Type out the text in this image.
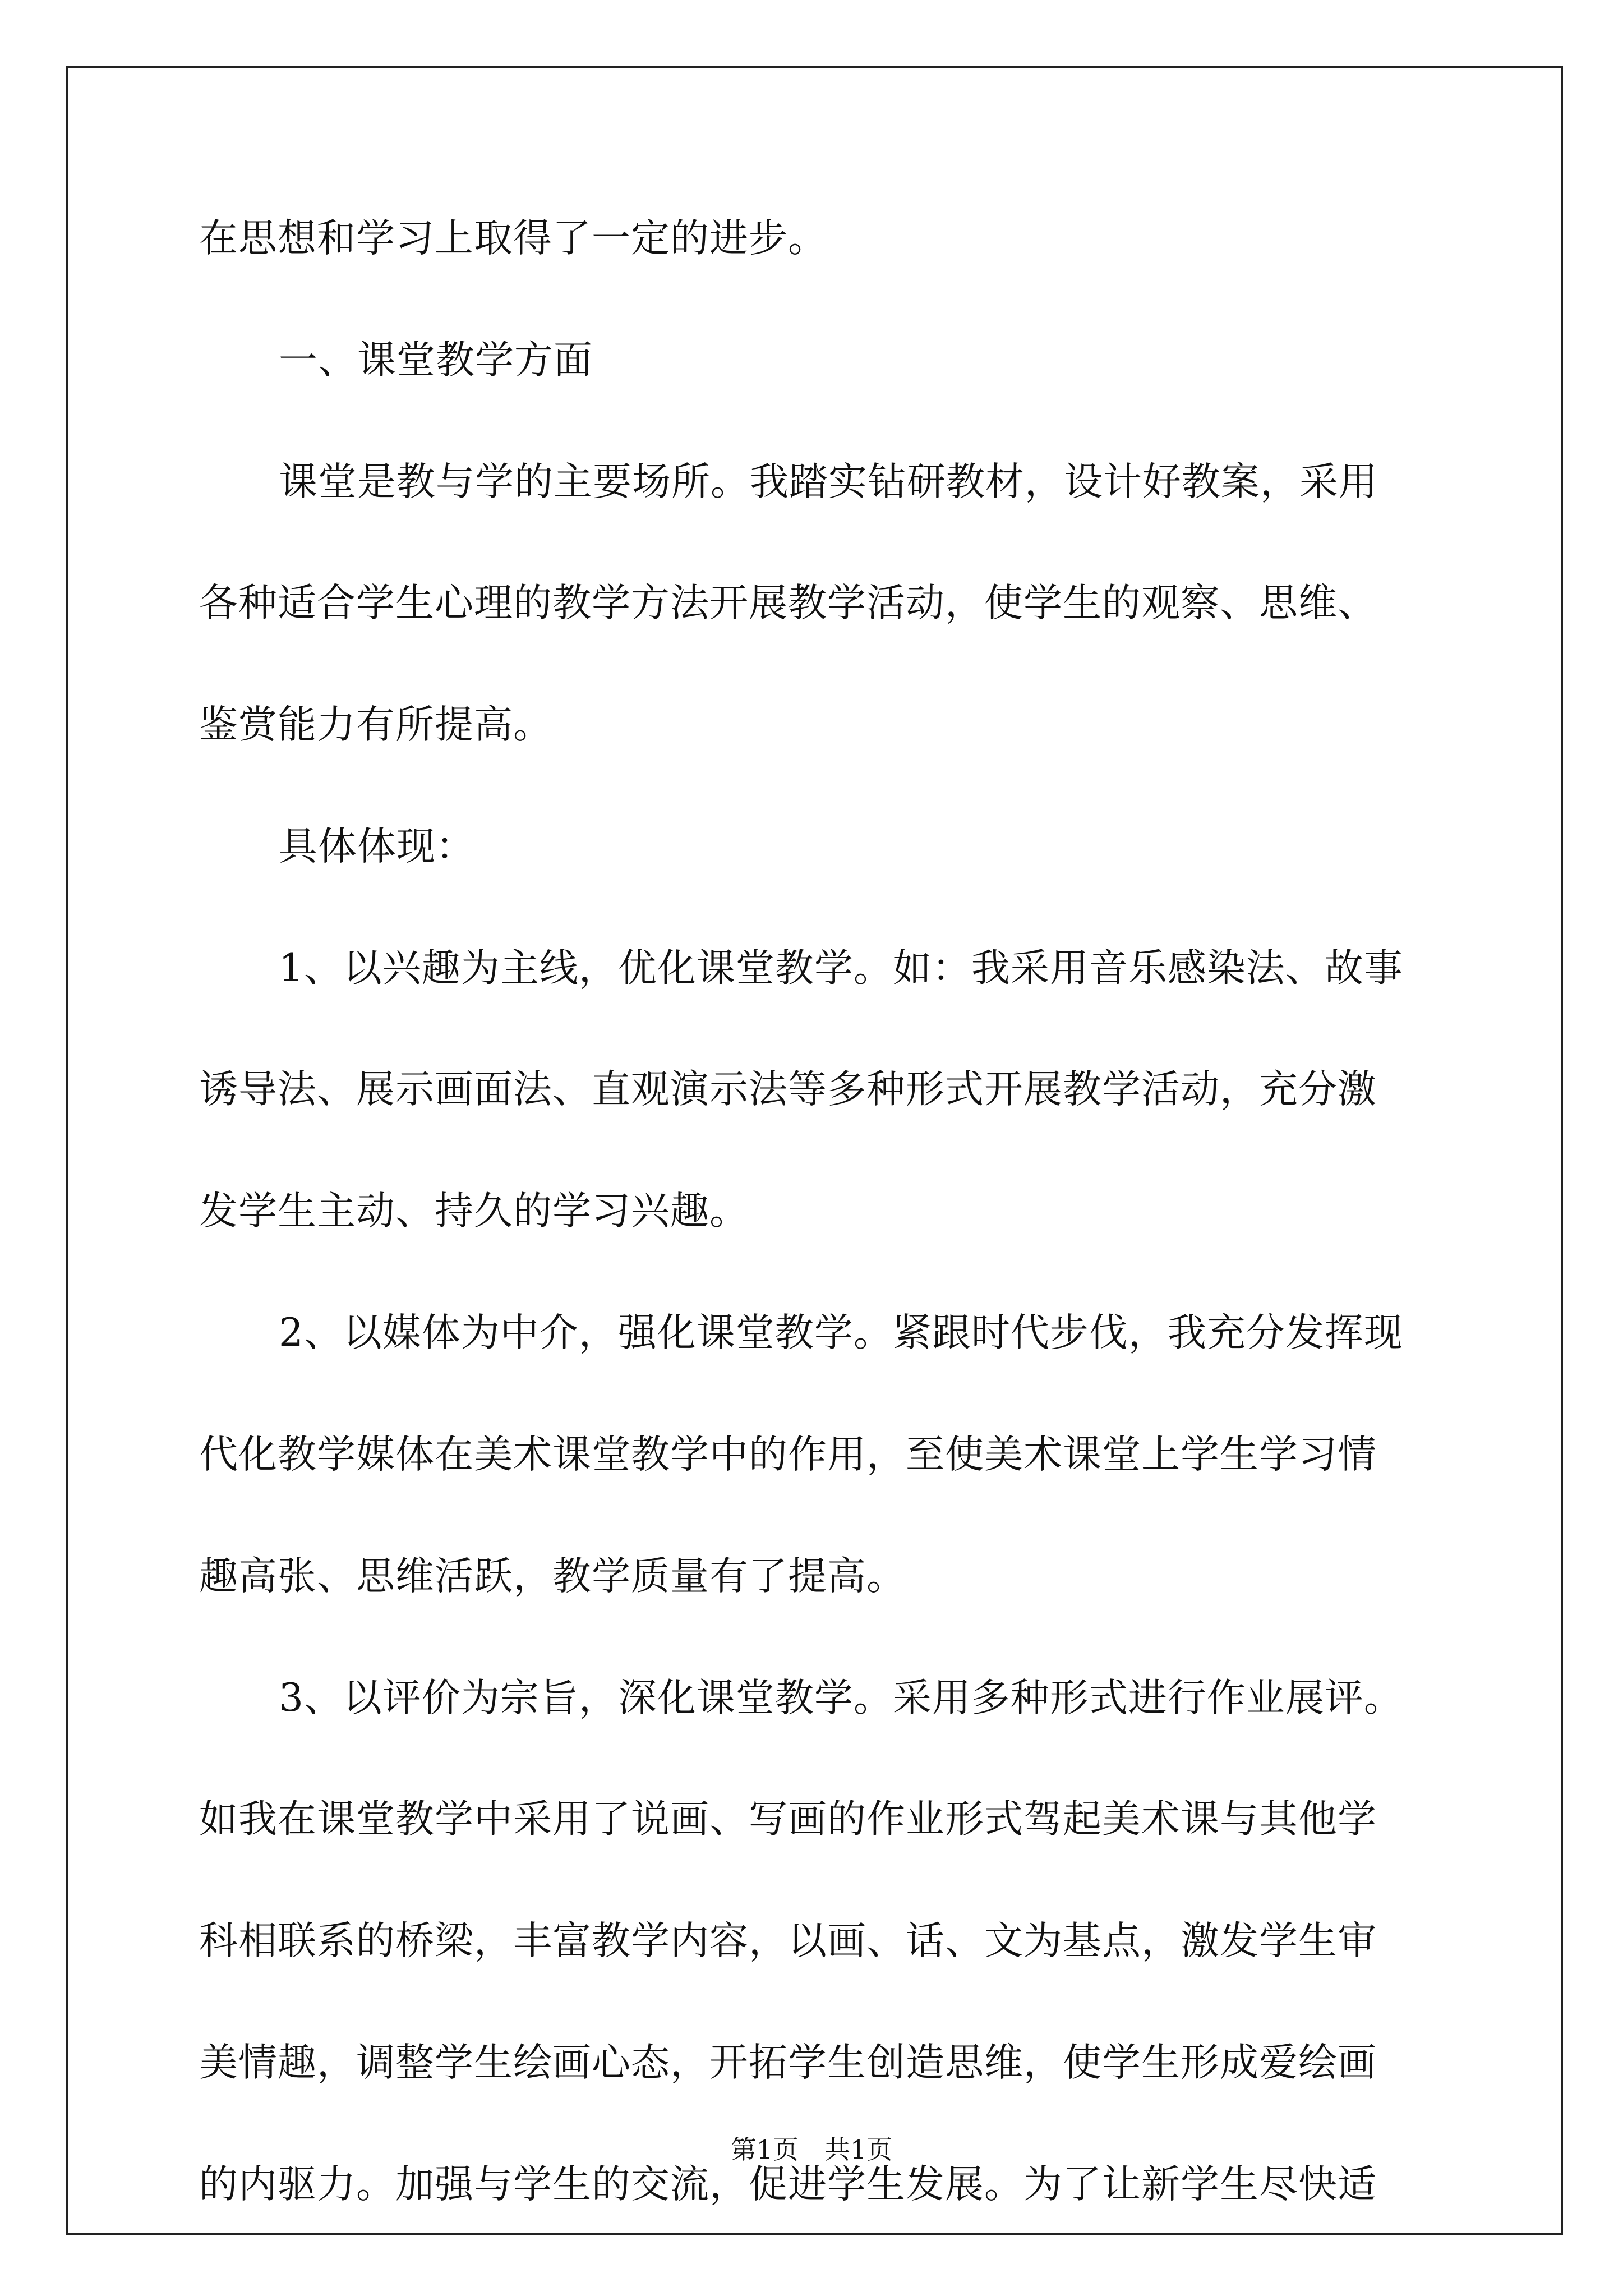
在思想和学习上取得了一定的进步。
一、课堂教学方面
课堂是教与学的主要场所。我踏实钻研教材，设计好教案，采用
各种适合学生心理的教学方法开展教学活动，使学生的观察、思维、
鉴赏能力有所提高。
具体体现：
1、以兴趣为主线，优化课堂教学。如：我采用音乐感染法、故事
诱导法、展示画面法、直观演示法等多种形式开展教学活动，充分激
发学生主动、持久的学习兴趣。
2、以媒体为中介，强化课堂教学。紧跟时代步伐，我充分发挥现
代化教学媒体在美术课堂教学中的作用，至使美术课堂上学生学习情
趣高张、思维活跃，教学质量有了提高。
3、以评价为宗旨，深化课堂教学。采用多种形式进行作业展评。
如我在课堂教学中采用了说画、写画的作业形式驾起美术课与其他学
科相联系的桥梁，丰富教学内容，以画、话、文为基点，激发学生审
美情趣，调整学生绘画心态，开拓学生创造思维，使学生形成爱绘画
的内驱力。加强与学生的交流，促进学生发展。为了让新学生尽快适
第1页　共1页
